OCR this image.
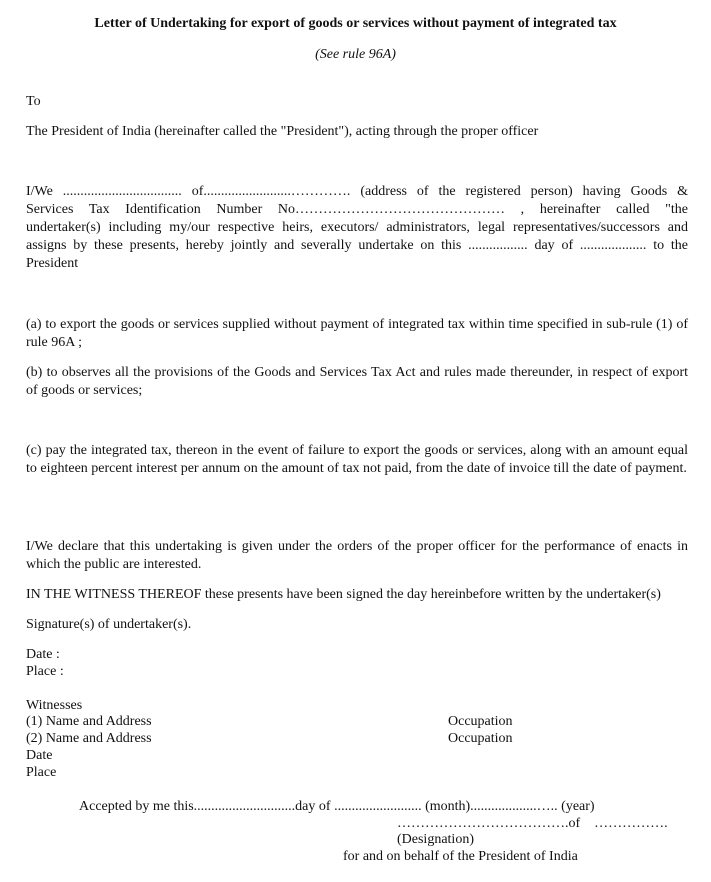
Letter of Undertaking for export of goods or services without payment of integrated tax
(See rule 96A)
To
The President of India (hereinafter called the "President"), acting through the proper officer
I/We .................................. of.........................…………. (address of the registered person) having Goods &
Services Tax Identification Number No……………………………………… , hereinafter called "the
undertaker(s) including my/our respective heirs, executors/ administrators, legal representatives/successors and
assigns by these presents, hereby jointly and severally undertake on this ................. day of ................... to the
President
(a) to export the goods or services supplied without payment of integrated tax within time specified in sub-rule (1) of rule 96A ;
(b) to observes all the provisions of the Goods and Services Tax Act and rules made thereunder, in respect of export of goods or services;
(c) pay the integrated tax, thereon in the event of failure to export the goods or services, along with an amount equal to eighteen percent interest per annum on the amount of tax not paid, from the date of invoice till the date of payment.
I/We declare that this undertaking is given under the orders of the proper officer for the performance of enacts in which the public are interested.
IN THE WITNESS THEREOF these presents have been signed the day hereinbefore written by the undertaker(s)
Signature(s) of undertaker(s).
Date :
Place :
Witnesses
(1) Name and Address
(2) Name and Address
Date
Place
Occupation
Occupation
Accepted by me this.............................day of ......................... (month)...................….. (year)
……………………………….of    …………….
(Designation)
for and on behalf of the President of India
